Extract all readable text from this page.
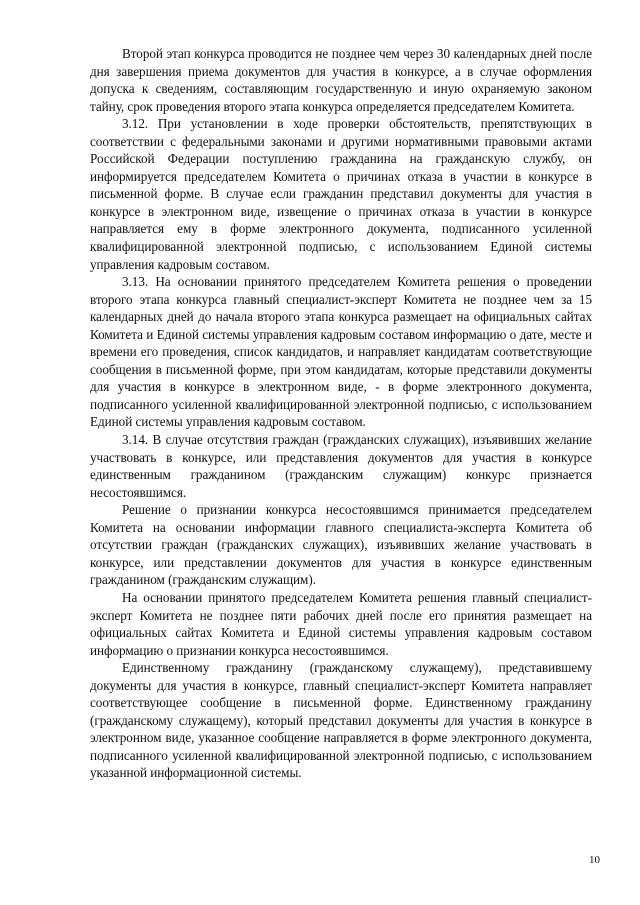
Второй этап конкурса проводится не позднее чем через 30 календарных дней после дня завершения приема документов для участия в конкурсе, а в случае оформления допуска к сведениям, составляющим государственную и иную охраняемую законом тайну, срок проведения второго этапа конкурса определяется председателем Комитета.

3.12. При установлении в ходе проверки обстоятельств, препятствующих в соответствии с федеральными законами и другими нормативными правовыми актами Российской Федерации поступлению гражданина на гражданскую службу, он информируется председателем Комитета о причинах отказа в участии в конкурсе в письменной форме. В случае если гражданин представил документы для участия в конкурсе в электронном виде, извещение о причинах отказа в участии в конкурсе направляется ему в форме электронного документа, подписанного усиленной квалифицированной электронной подписью, с использованием Единой системы управления кадровым составом.

3.13. На основании принятого председателем Комитета решения о проведении второго этапа конкурса главный специалист-эксперт Комитета не позднее чем за 15 календарных дней до начала второго этапа конкурса размещает на официальных сайтах Комитета и Единой системы управления кадровым составом информацию о дате, месте и времени его проведения, список кандидатов, и направляет кандидатам соответствующие сообщения в письменной форме, при этом кандидатам, которые представили документы для участия в конкурсе в электронном виде, - в форме электронного документа, подписанного усиленной квалифицированной электронной подписью, с использованием Единой системы управления кадровым составом.

3.14. В случае отсутствия граждан (гражданских служащих), изъявивших желание участвовать в конкурсе, или представления документов для участия в конкурсе единственным гражданином (гражданским служащим) конкурс признается несостоявшимся.

Решение о признании конкурса несостоявшимся принимается председателем Комитета на основании информации главного специалиста-эксперта Комитета об отсутствии граждан (гражданских служащих), изъявивших желание участвовать в конкурсе, или представлении документов для участия в конкурсе единственным гражданином (гражданским служащим).

На основании принятого председателем Комитета решения главный специалист-эксперт Комитета не позднее пяти рабочих дней после его принятия размещает на официальных сайтах Комитета и Единой системы управления кадровым составом информацию о признании конкурса несостоявшимся.

Единственному гражданину (гражданскому служащему), представившему документы для участия в конкурсе, главный специалист-эксперт Комитета направляет соответствующее сообщение в письменной форме. Единственному гражданину (гражданскому служащему), который представил документы для участия в конкурсе в электронном виде, указанное сообщение направляется в форме электронного документа, подписанного усиленной квалифицированной электронной подписью, с использованием указанной информационной системы.

10
